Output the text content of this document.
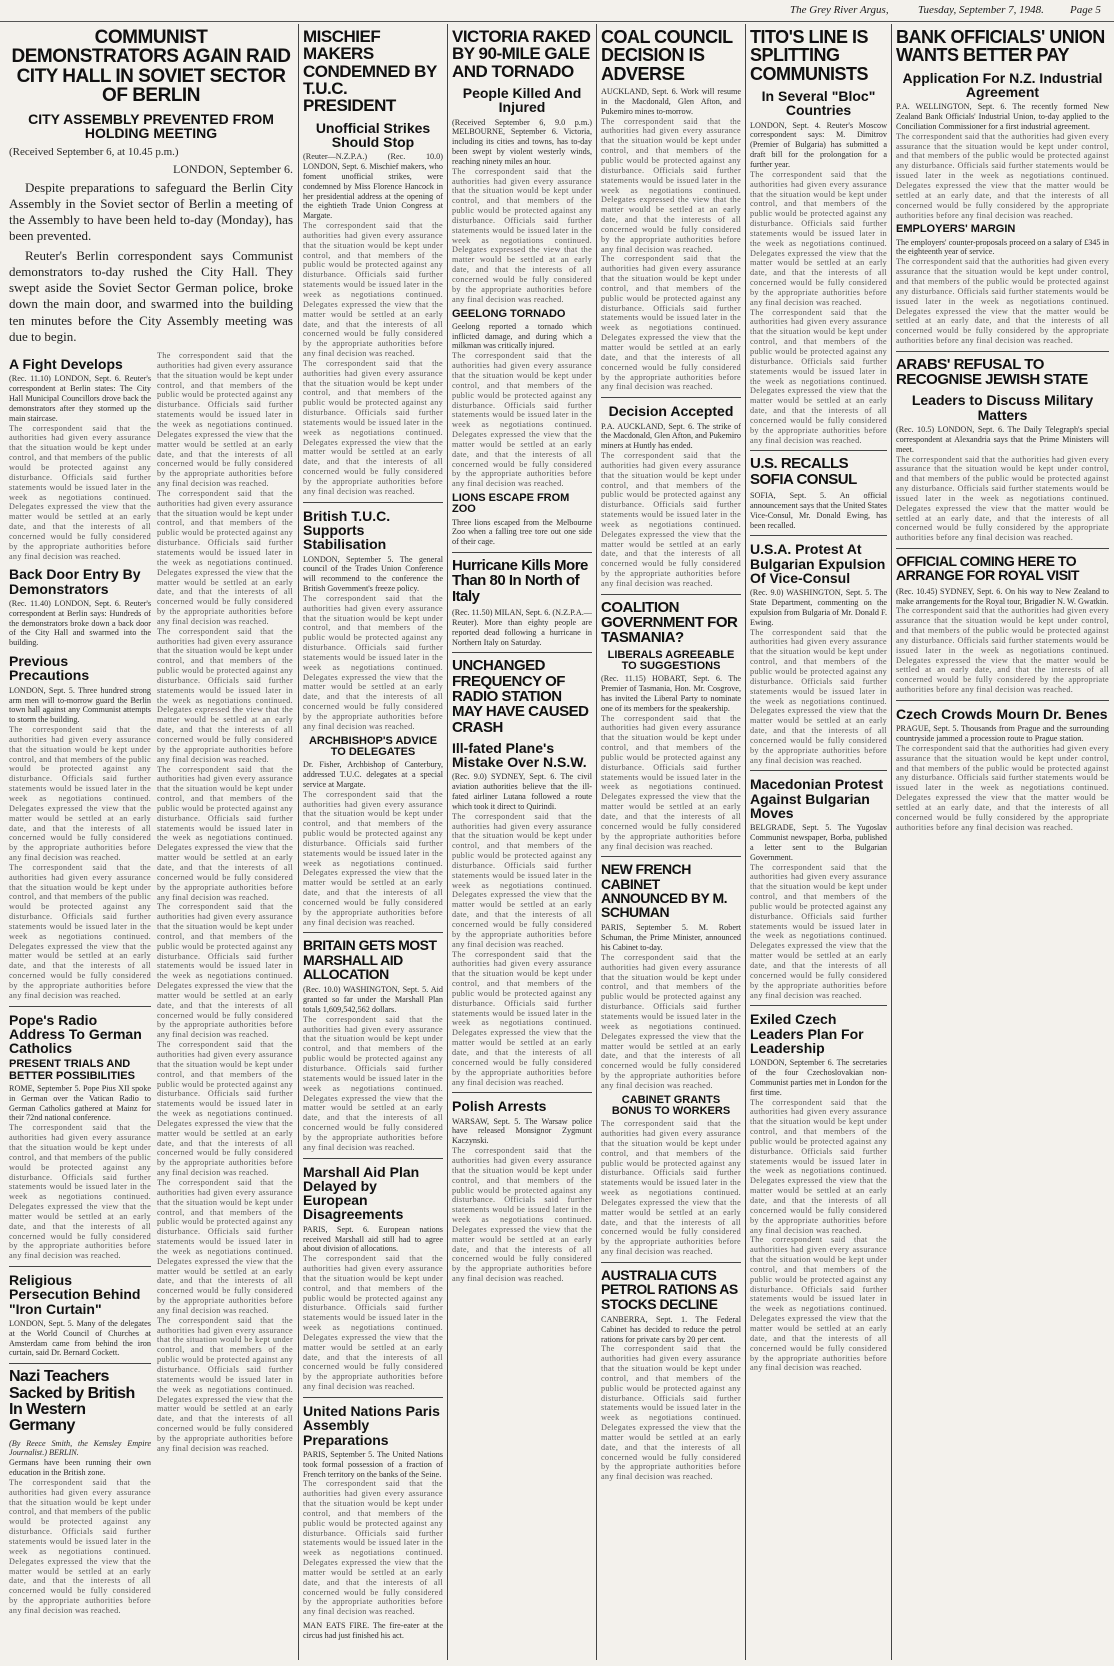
The Grey River Argus,	Tuesday, September 7, 1948. Page 5
COMMUNIST DEMONSTRATORS AGAIN RAID CITY HALL IN SOVIET SECTOR OF BERLIN
CITY ASSEMBLY PREVENTED FROM HOLDING MEETING
(Received September 6, at 10.45 p.m.)
LONDON, September 6.

Despite preparations to safeguard the Berlin City Assembly in the Soviet sector of Berlin a meeting of the Assembly to have been held to-day (Monday), has been prevented.

Reuter's Berlin correspondent says Communist demonstrators to-day rushed the City Hall. They swept aside the Soviet Sector German police, broke down the main door, and swarmed into the building ten minutes before the City Assembly meeting was due to begin.

A Fight Develops

(Rec. 11.10) LONDON, Sept. 6. Reuter's correspondent at Berlin states: The City Hall Municipal Councillors drove back the demonstrators after they stormed up the main staircase.

The correspondent said that the authorities had given every assurance that the situation would be kept under control, and that members of the public would be protected against any disturbance. Officials said further statements would be issued later in the week as negotiations continued. Delegates expressed the view that the matter would be settled at an early date, and that the interests of all concerned would be fully considered by the appropriate authorities before any final decision was reached.

Back Door Entry By Demonstrators

(Rec. 11.40) LONDON, Sept. 6. Reuter's correspondent at Berlin says: Hundreds of the demonstrators broke down a back door of the City Hall and swarmed into the building.

Previous Precautions

LONDON, Sept. 5. Three hundred strong arm men will to-morrow guard the Berlin town hall against any Communist attempts to storm the building.

The correspondent said that the authorities had given every assurance that the situation would be kept under control, and that members of the public would be protected against any disturbance. Officials said further statements would be issued later in the week as negotiations continued. Delegates expressed the view that the matter would be settled at an early date, and that the interests of all concerned would be fully considered by the appropriate authorities before any final decision was reached.

The correspondent said that the authorities had given every assurance that the situation would be kept under control, and that members of the public would be protected against any disturbance. Officials said further statements would be issued later in the week as negotiations continued. Delegates expressed the view that the matter would be settled at an early date, and that the interests of all concerned would be fully considered by the appropriate authorities before any final decision was reached.

Pope's Radio Address To German Catholics
PRESENT TRIALS AND BETTER POSSIBILITIES

ROME, September 5. Pope Pius XII spoke in German over the Vatican Radio to German Catholics gathered at Mainz for their 72nd national conference.

The correspondent said that the authorities had given every assurance that the situation would be kept under control, and that members of the public would be protected against any disturbance. Officials said further statements would be issued later in the week as negotiations continued. Delegates expressed the view that the matter would be settled at an early date, and that the interests of all concerned would be fully considered by the appropriate authorities before any final decision was reached.

Religious Persecution Behind "Iron Curtain"

LONDON, Sept. 5. Many of the delegates at the World Council of Churches at Amsterdam came from behind the iron curtain, said Dr. Bernard Cockett.

Nazi Teachers Sacked by British In Western Germany

(By Reece Smith, the Kemsley Empire Journalist.) BERLIN.

Germans have been running their own education in the British zone.

The correspondent said that the authorities had given every assurance that the situation would be kept under control, and that members of the public would be protected against any disturbance. Officials said further statements would be issued later in the week as negotiations continued. Delegates expressed the view that the matter would be settled at an early date, and that the interests of all concerned would be fully considered by the appropriate authorities before any final decision was reached.

The correspondent said that the authorities had given every assurance that the situation would be kept under control, and that members of the public would be protected against any disturbance. Officials said further statements would be issued later in the week as negotiations continued. Delegates expressed the view that the matter would be settled at an early date, and that the interests of all concerned would be fully considered by the appropriate authorities before any final decision was reached.

The correspondent said that the authorities had given every assurance that the situation would be kept under control, and that members of the public would be protected against any disturbance. Officials said further statements would be issued later in the week as negotiations continued. Delegates expressed the view that the matter would be settled at an early date, and that the interests of all concerned would be fully considered by the appropriate authorities before any final decision was reached.

The correspondent said that the authorities had given every assurance that the situation would be kept under control, and that members of the public would be protected against any disturbance. Officials said further statements would be issued later in the week as negotiations continued. Delegates expressed the view that the matter would be settled at an early date, and that the interests of all concerned would be fully considered by the appropriate authorities before any final decision was reached.

The correspondent said that the authorities had given every assurance that the situation would be kept under control, and that members of the public would be protected against any disturbance. Officials said further statements would be issued later in the week as negotiations continued. Delegates expressed the view that the matter would be settled at an early date, and that the interests of all concerned would be fully considered by the appropriate authorities before any final decision was reached.

The correspondent said that the authorities had given every assurance that the situation would be kept under control, and that members of the public would be protected against any disturbance. Officials said further statements would be issued later in the week as negotiations continued. Delegates expressed the view that the matter would be settled at an early date, and that the interests of all concerned would be fully considered by the appropriate authorities before any final decision was reached.

The correspondent said that the authorities had given every assurance that the situation would be kept under control, and that members of the public would be protected against any disturbance. Officials said further statements would be issued later in the week as negotiations continued. Delegates expressed the view that the matter would be settled at an early date, and that the interests of all concerned would be fully considered by the appropriate authorities before any final decision was reached.

The correspondent said that the authorities had given every assurance that the situation would be kept under control, and that members of the public would be protected against any disturbance. Officials said further statements would be issued later in the week as negotiations continued. Delegates expressed the view that the matter would be settled at an early date, and that the interests of all concerned would be fully considered by the appropriate authorities before any final decision was reached.

The correspondent said that the authorities had given every assurance that the situation would be kept under control, and that members of the public would be protected against any disturbance. Officials said further statements would be issued later in the week as negotiations continued. Delegates expressed the view that the matter would be settled at an early date, and that the interests of all concerned would be fully considered by the appropriate authorities before any final decision was reached.

MISCHIEF MAKERS CONDEMNED BY T.U.C. PRESIDENT
Unofficial Strikes Should Stop

(Reuter—N.Z.P.A.) (Rec. 10.0) LONDON, Sept. 6. Mischief makers, who foment unofficial strikes, were condemned by Miss Florence Hancock in her presidential address at the opening of the eightieth Trade Union Congress at Margate.

The correspondent said that the authorities had given every assurance that the situation would be kept under control, and that members of the public would be protected against any disturbance. Officials said further statements would be issued later in the week as negotiations continued. Delegates expressed the view that the matter would be settled at an early date, and that the interests of all concerned would be fully considered by the appropriate authorities before any final decision was reached.

The correspondent said that the authorities had given every assurance that the situation would be kept under control, and that members of the public would be protected against any disturbance. Officials said further statements would be issued later in the week as negotiations continued. Delegates expressed the view that the matter would be settled at an early date, and that the interests of all concerned would be fully considered by the appropriate authorities before any final decision was reached.

British T.U.C. Supports Stabilisation

LONDON, September 5. The general council of the Trades Union Conference will recommend to the conference the British Government's freeze policy.

The correspondent said that the authorities had given every assurance that the situation would be kept under control, and that members of the public would be protected against any disturbance. Officials said further statements would be issued later in the week as negotiations continued. Delegates expressed the view that the matter would be settled at an early date, and that the interests of all concerned would be fully considered by the appropriate authorities before any final decision was reached.

ARCHBISHOP'S ADVICE TO DELEGATES

Dr. Fisher, Archbishop of Canterbury, addressed T.U.C. delegates at a special service at Margate.

The correspondent said that the authorities had given every assurance that the situation would be kept under control, and that members of the public would be protected against any disturbance. Officials said further statements would be issued later in the week as negotiations continued. Delegates expressed the view that the matter would be settled at an early date, and that the interests of all concerned would be fully considered by the appropriate authorities before any final decision was reached.

BRITAIN GETS MOST MARSHALL AID ALLOCATION

(Rec. 10.0) WASHINGTON, Sept. 5. Aid granted so far under the Marshall Plan totals 1,609,542,562 dollars.

The correspondent said that the authorities had given every assurance that the situation would be kept under control, and that members of the public would be protected against any disturbance. Officials said further statements would be issued later in the week as negotiations continued. Delegates expressed the view that the matter would be settled at an early date, and that the interests of all concerned would be fully considered by the appropriate authorities before any final decision was reached.

Marshall Aid Plan Delayed by European Disagreements

PARIS, Sept. 6. European nations received Marshall aid still had to agree about division of allocations.

The correspondent said that the authorities had given every assurance that the situation would be kept under control, and that members of the public would be protected against any disturbance. Officials said further statements would be issued later in the week as negotiations continued. Delegates expressed the view that the matter would be settled at an early date, and that the interests of all concerned would be fully considered by the appropriate authorities before any final decision was reached.

United Nations Paris Assembly Preparations

PARIS, September 5. The United Nations took formal possession of a fraction of French territory on the banks of the Seine.

The correspondent said that the authorities had given every assurance that the situation would be kept under control, and that members of the public would be protected against any disturbance. Officials said further statements would be issued later in the week as negotiations continued. Delegates expressed the view that the matter would be settled at an early date, and that the interests of all concerned would be fully considered by the appropriate authorities before any final decision was reached.

MAN EATS FIRE. The fire-eater at the circus had just finished his act.

VICTORIA RAKED BY 90-MILE GALE AND TORNADO
People Killed And Injured

(Received September 6, 9.0 p.m.) MELBOURNE, September 6. Victoria, including its cities and towns, has to-day been swept by violent westerly winds, reaching ninety miles an hour.

The correspondent said that the authorities had given every assurance that the situation would be kept under control, and that members of the public would be protected against any disturbance. Officials said further statements would be issued later in the week as negotiations continued. Delegates expressed the view that the matter would be settled at an early date, and that the interests of all concerned would be fully considered by the appropriate authorities before any final decision was reached.

GEELONG TORNADO

Geelong reported a tornado which inflicted damage, and during which a milkman was critically injured.

The correspondent said that the authorities had given every assurance that the situation would be kept under control, and that members of the public would be protected against any disturbance. Officials said further statements would be issued later in the week as negotiations continued. Delegates expressed the view that the matter would be settled at an early date, and that the interests of all concerned would be fully considered by the appropriate authorities before any final decision was reached.

LIONS ESCAPE FROM ZOO

Three lions escaped from the Melbourne Zoo when a falling tree tore out one side of their cage.

Hurricane Kills More Than 80 In North of Italy

(Rec. 11.50) MILAN, Sept. 6. (N.Z.P.A.—Reuter). More than eighty people are reported dead following a hurricane in Northern Italy on Saturday.

UNCHANGED FREQUENCY OF RADIO STATION MAY HAVE CAUSED CRASH
Ill-fated Plane's Mistake Over N.S.W.

(Rec. 9.0) SYDNEY, Sept. 6. The civil aviation authorities believe that the ill-fated airliner Lutana followed a route which took it direct to Quirindi.

The correspondent said that the authorities had given every assurance that the situation would be kept under control, and that members of the public would be protected against any disturbance. Officials said further statements would be issued later in the week as negotiations continued. Delegates expressed the view that the matter would be settled at an early date, and that the interests of all concerned would be fully considered by the appropriate authorities before any final decision was reached.

The correspondent said that the authorities had given every assurance that the situation would be kept under control, and that members of the public would be protected against any disturbance. Officials said further statements would be issued later in the week as negotiations continued. Delegates expressed the view that the matter would be settled at an early date, and that the interests of all concerned would be fully considered by the appropriate authorities before any final decision was reached.

Polish Arrests

WARSAW, Sept. 5. The Warsaw police have released Monsignor Zygmunt Kaczynski.

The correspondent said that the authorities had given every assurance that the situation would be kept under control, and that members of the public would be protected against any disturbance. Officials said further statements would be issued later in the week as negotiations continued. Delegates expressed the view that the matter would be settled at an early date, and that the interests of all concerned would be fully considered by the appropriate authorities before any final decision was reached.

COAL COUNCIL DECISION IS ADVERSE

AUCKLAND, Sept. 6. Work will resume in the Macdonald, Glen Afton, and Pukemiro mines to-morrow.

The correspondent said that the authorities had given every assurance that the situation would be kept under control, and that members of the public would be protected against any disturbance. Officials said further statements would be issued later in the week as negotiations continued. Delegates expressed the view that the matter would be settled at an early date, and that the interests of all concerned would be fully considered by the appropriate authorities before any final decision was reached.

The correspondent said that the authorities had given every assurance that the situation would be kept under control, and that members of the public would be protected against any disturbance. Officials said further statements would be issued later in the week as negotiations continued. Delegates expressed the view that the matter would be settled at an early date, and that the interests of all concerned would be fully considered by the appropriate authorities before any final decision was reached.

Decision Accepted

P.A. AUCKLAND, Sept. 6. The strike of the Macdonald, Glen Afton, and Pukemiro miners at Huntly has ended.

The correspondent said that the authorities had given every assurance that the situation would be kept under control, and that members of the public would be protected against any disturbance. Officials said further statements would be issued later in the week as negotiations continued. Delegates expressed the view that the matter would be settled at an early date, and that the interests of all concerned would be fully considered by the appropriate authorities before any final decision was reached.

COALITION GOVERNMENT FOR TASMANIA?
LIBERALS AGREEABLE TO SUGGESTIONS

(Rec. 11.15) HOBART, Sept. 6. The Premier of Tasmania, Hon. Mr. Cosgrove, has invited the Liberal Party to nominate one of its members for the speakership.

The correspondent said that the authorities had given every assurance that the situation would be kept under control, and that members of the public would be protected against any disturbance. Officials said further statements would be issued later in the week as negotiations continued. Delegates expressed the view that the matter would be settled at an early date, and that the interests of all concerned would be fully considered by the appropriate authorities before any final decision was reached.

NEW FRENCH CABINET ANNOUNCED BY M. SCHUMAN

PARIS, September 5. M. Robert Schuman, the Prime Minister, announced his Cabinet to-day.

The correspondent said that the authorities had given every assurance that the situation would be kept under control, and that members of the public would be protected against any disturbance. Officials said further statements would be issued later in the week as negotiations continued. Delegates expressed the view that the matter would be settled at an early date, and that the interests of all concerned would be fully considered by the appropriate authorities before any final decision was reached.

CABINET GRANTS BONUS TO WORKERS

The correspondent said that the authorities had given every assurance that the situation would be kept under control, and that members of the public would be protected against any disturbance. Officials said further statements would be issued later in the week as negotiations continued. Delegates expressed the view that the matter would be settled at an early date, and that the interests of all concerned would be fully considered by the appropriate authorities before any final decision was reached.

AUSTRALIA CUTS PETROL RATIONS AS STOCKS DECLINE

CANBERRA, Sept. 1. The Federal Cabinet has decided to reduce the petrol rations for private cars by 20 per cent.

The correspondent said that the authorities had given every assurance that the situation would be kept under control, and that members of the public would be protected against any disturbance. Officials said further statements would be issued later in the week as negotiations continued. Delegates expressed the view that the matter would be settled at an early date, and that the interests of all concerned would be fully considered by the appropriate authorities before any final decision was reached.

TITO'S LINE IS SPLITTING COMMUNISTS
In Several "Bloc" Countries

LONDON, Sept. 4. Reuter's Moscow correspondent says: M. Dimitrov (Premier of Bulgaria) has submitted a draft bill for the prolongation for a further year.

The correspondent said that the authorities had given every assurance that the situation would be kept under control, and that members of the public would be protected against any disturbance. Officials said further statements would be issued later in the week as negotiations continued. Delegates expressed the view that the matter would be settled at an early date, and that the interests of all concerned would be fully considered by the appropriate authorities before any final decision was reached.

The correspondent said that the authorities had given every assurance that the situation would be kept under control, and that members of the public would be protected against any disturbance. Officials said further statements would be issued later in the week as negotiations continued. Delegates expressed the view that the matter would be settled at an early date, and that the interests of all concerned would be fully considered by the appropriate authorities before any final decision was reached.

U.S. RECALLS SOFIA CONSUL

SOFIA, Sept. 5. An official announcement says that the United States Vice-Consul, Mr. Donald Ewing, has been recalled.

U.S.A. Protest At Bulgarian Expulsion Of Vice-Consul

(Rec. 9.0) WASHINGTON, Sept. 5. The State Department, commenting on the expulsion from Bulgaria of Mr. Donald F. Ewing.

The correspondent said that the authorities had given every assurance that the situation would be kept under control, and that members of the public would be protected against any disturbance. Officials said further statements would be issued later in the week as negotiations continued. Delegates expressed the view that the matter would be settled at an early date, and that the interests of all concerned would be fully considered by the appropriate authorities before any final decision was reached.

Macedonian Protest Against Bulgarian Moves

BELGRADE, Sept. 5. The Yugoslav Communist newspaper, Borba, published a letter sent to the Bulgarian Government.

The correspondent said that the authorities had given every assurance that the situation would be kept under control, and that members of the public would be protected against any disturbance. Officials said further statements would be issued later in the week as negotiations continued. Delegates expressed the view that the matter would be settled at an early date, and that the interests of all concerned would be fully considered by the appropriate authorities before any final decision was reached.

Exiled Czech Leaders Plan For Leadership

LONDON, September 6. The secretaries of the four Czechoslovakian non-Communist parties met in London for the first time.

The correspondent said that the authorities had given every assurance that the situation would be kept under control, and that members of the public would be protected against any disturbance. Officials said further statements would be issued later in the week as negotiations continued. Delegates expressed the view that the matter would be settled at an early date, and that the interests of all concerned would be fully considered by the appropriate authorities before any final decision was reached.

The correspondent said that the authorities had given every assurance that the situation would be kept under control, and that members of the public would be protected against any disturbance. Officials said further statements would be issued later in the week as negotiations continued. Delegates expressed the view that the matter would be settled at an early date, and that the interests of all concerned would be fully considered by the appropriate authorities before any final decision was reached.

BANK OFFICIALS' UNION WANTS BETTER PAY
Application For N.Z. Industrial Agreement

P.A. WELLINGTON, Sept. 6. The recently formed New Zealand Bank Officials' Industrial Union, to-day applied to the Conciliation Commissioner for a first industrial agreement.

The correspondent said that the authorities had given every assurance that the situation would be kept under control, and that members of the public would be protected against any disturbance. Officials said further statements would be issued later in the week as negotiations continued. Delegates expressed the view that the matter would be settled at an early date, and that the interests of all concerned would be fully considered by the appropriate authorities before any final decision was reached.

EMPLOYERS' MARGIN

The employers' counter-proposals proceed on a salary of £345 in the eighteenth year of service.

The correspondent said that the authorities had given every assurance that the situation would be kept under control, and that members of the public would be protected against any disturbance. Officials said further statements would be issued later in the week as negotiations continued. Delegates expressed the view that the matter would be settled at an early date, and that the interests of all concerned would be fully considered by the appropriate authorities before any final decision was reached.

ARABS' REFUSAL TO RECOGNISE JEWISH STATE
Leaders to Discuss Military Matters

(Rec. 10.5) LONDON, Sept. 6. The Daily Telegraph's special correspondent at Alexandria says that the Prime Ministers will meet.

The correspondent said that the authorities had given every assurance that the situation would be kept under control, and that members of the public would be protected against any disturbance. Officials said further statements would be issued later in the week as negotiations continued. Delegates expressed the view that the matter would be settled at an early date, and that the interests of all concerned would be fully considered by the appropriate authorities before any final decision was reached.

OFFICIAL COMING HERE TO ARRANGE FOR ROYAL VISIT

(Rec. 10.45) SYDNEY, Sept. 6. On his way to New Zealand to make arrangements for the Royal tour, Brigadier N. W. Gwatkin.

The correspondent said that the authorities had given every assurance that the situation would be kept under control, and that members of the public would be protected against any disturbance. Officials said further statements would be issued later in the week as negotiations continued. Delegates expressed the view that the matter would be settled at an early date, and that the interests of all concerned would be fully considered by the appropriate authorities before any final decision was reached.

Czech Crowds Mourn Dr. Benes

PRAGUE, Sept. 5. Thousands from Prague and the surrounding countryside jammed a procession route to Prague station.

The correspondent said that the authorities had given every assurance that the situation would be kept under control, and that members of the public would be protected against any disturbance. Officials said further statements would be issued later in the week as negotiations continued. Delegates expressed the view that the matter would be settled at an early date, and that the interests of all concerned would be fully considered by the appropriate authorities before any final decision was reached.
